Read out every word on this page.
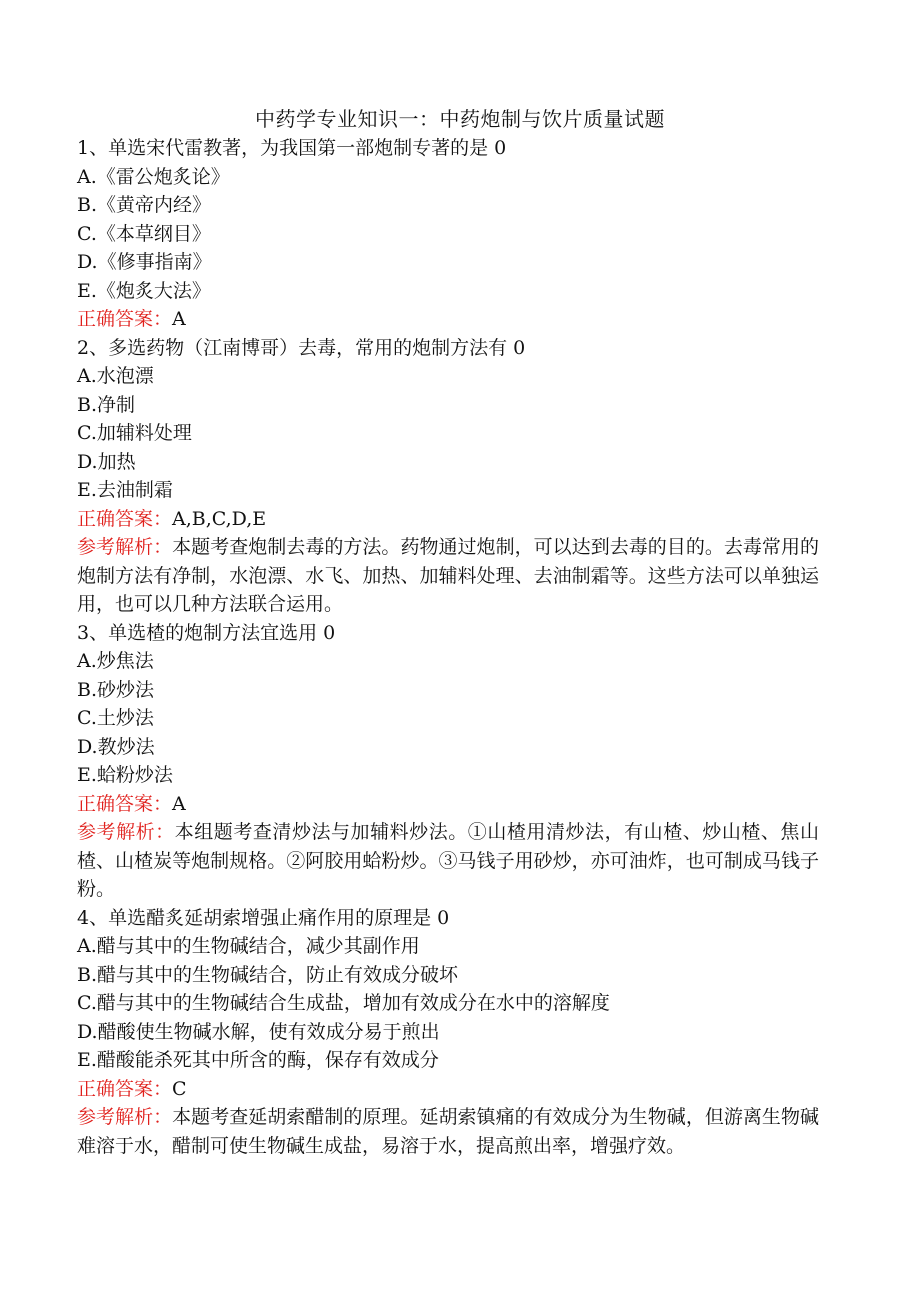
中药学专业知识一：中药炮制与饮片质量试题
1、单选宋代雷教著，为我国第一部炮制专著的是 0
A.《雷公炮炙论》
B.《黄帝内经》
C.《本草纲目》
D.《修事指南》
E.《炮炙大法》
正确答案：A
2、多选药物（江南博哥）去毒，常用的炮制方法有 0
A.水泡漂
B.净制
C.加辅料处理
D.加热
E.去油制霜
正确答案：A,B,C,D,E
参考解析：本题考查炮制去毒的方法。药物通过炮制，可以达到去毒的目的。去毒常用的炮制方法有净制，水泡漂、水飞、加热、加辅料处理、去油制霜等。这些方法可以单独运用，也可以几种方法联合运用。
3、单选楂的炮制方法宜选用 0
A.炒焦法
B.砂炒法
C.土炒法
D.教炒法
E.蛤粉炒法
正确答案：A
参考解析：本组题考查清炒法与加辅料炒法。①山楂用清炒法，有山楂、炒山楂、焦山楂、山楂炭等炮制规格。②阿胶用蛤粉炒。③马钱子用砂炒，亦可油炸，也可制成马钱子粉。
4、单选醋炙延胡索增强止痛作用的原理是 0
A.醋与其中的生物碱结合，减少其副作用
B.醋与其中的生物碱结合，防止有效成分破坏
C.醋与其中的生物碱结合生成盐，增加有效成分在水中的溶解度
D.醋酸使生物碱水解，使有效成分易于煎出
E.醋酸能杀死其中所含的酶，保存有效成分
正确答案：C
参考解析：本题考查延胡索醋制的原理。延胡索镇痛的有效成分为生物碱，但游离生物碱难溶于水，醋制可使生物碱生成盐，易溶于水，提高煎出率，增强疗效。
